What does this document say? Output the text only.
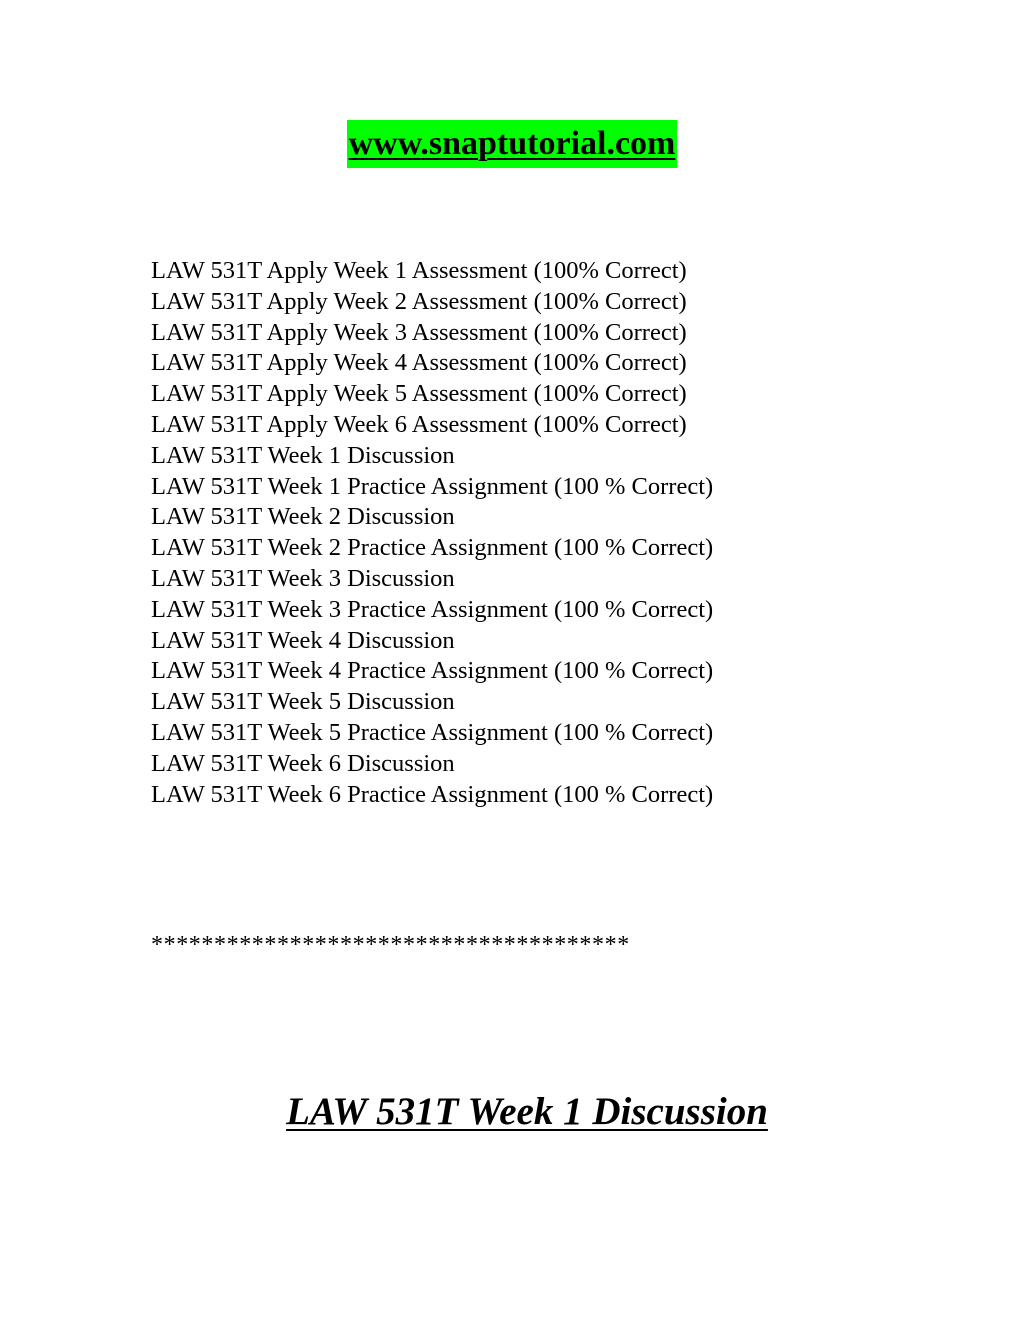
www.snaptutorial.com
LAW 531T Apply Week 1 Assessment (100% Correct)
LAW 531T Apply Week 2 Assessment (100% Correct)
LAW 531T Apply Week 3 Assessment (100% Correct)
LAW 531T Apply Week 4 Assessment (100% Correct)
LAW 531T Apply Week 5 Assessment (100% Correct)
LAW 531T Apply Week 6 Assessment (100% Correct)
LAW 531T Week 1 Discussion
LAW 531T Week 1 Practice Assignment (100 % Correct)
LAW 531T Week 2 Discussion
LAW 531T Week 2 Practice Assignment (100 % Correct)
LAW 531T Week 3 Discussion
LAW 531T Week 3 Practice Assignment (100 % Correct)
LAW 531T Week 4 Discussion
LAW 531T Week 4 Practice Assignment (100 % Correct)
LAW 531T Week 5 Discussion
LAW 531T Week 5 Practice Assignment (100 % Correct)
LAW 531T Week 6 Discussion
LAW 531T Week 6 Practice Assignment (100 % Correct)
**************************************
LAW 531T Week 1 Discussion
